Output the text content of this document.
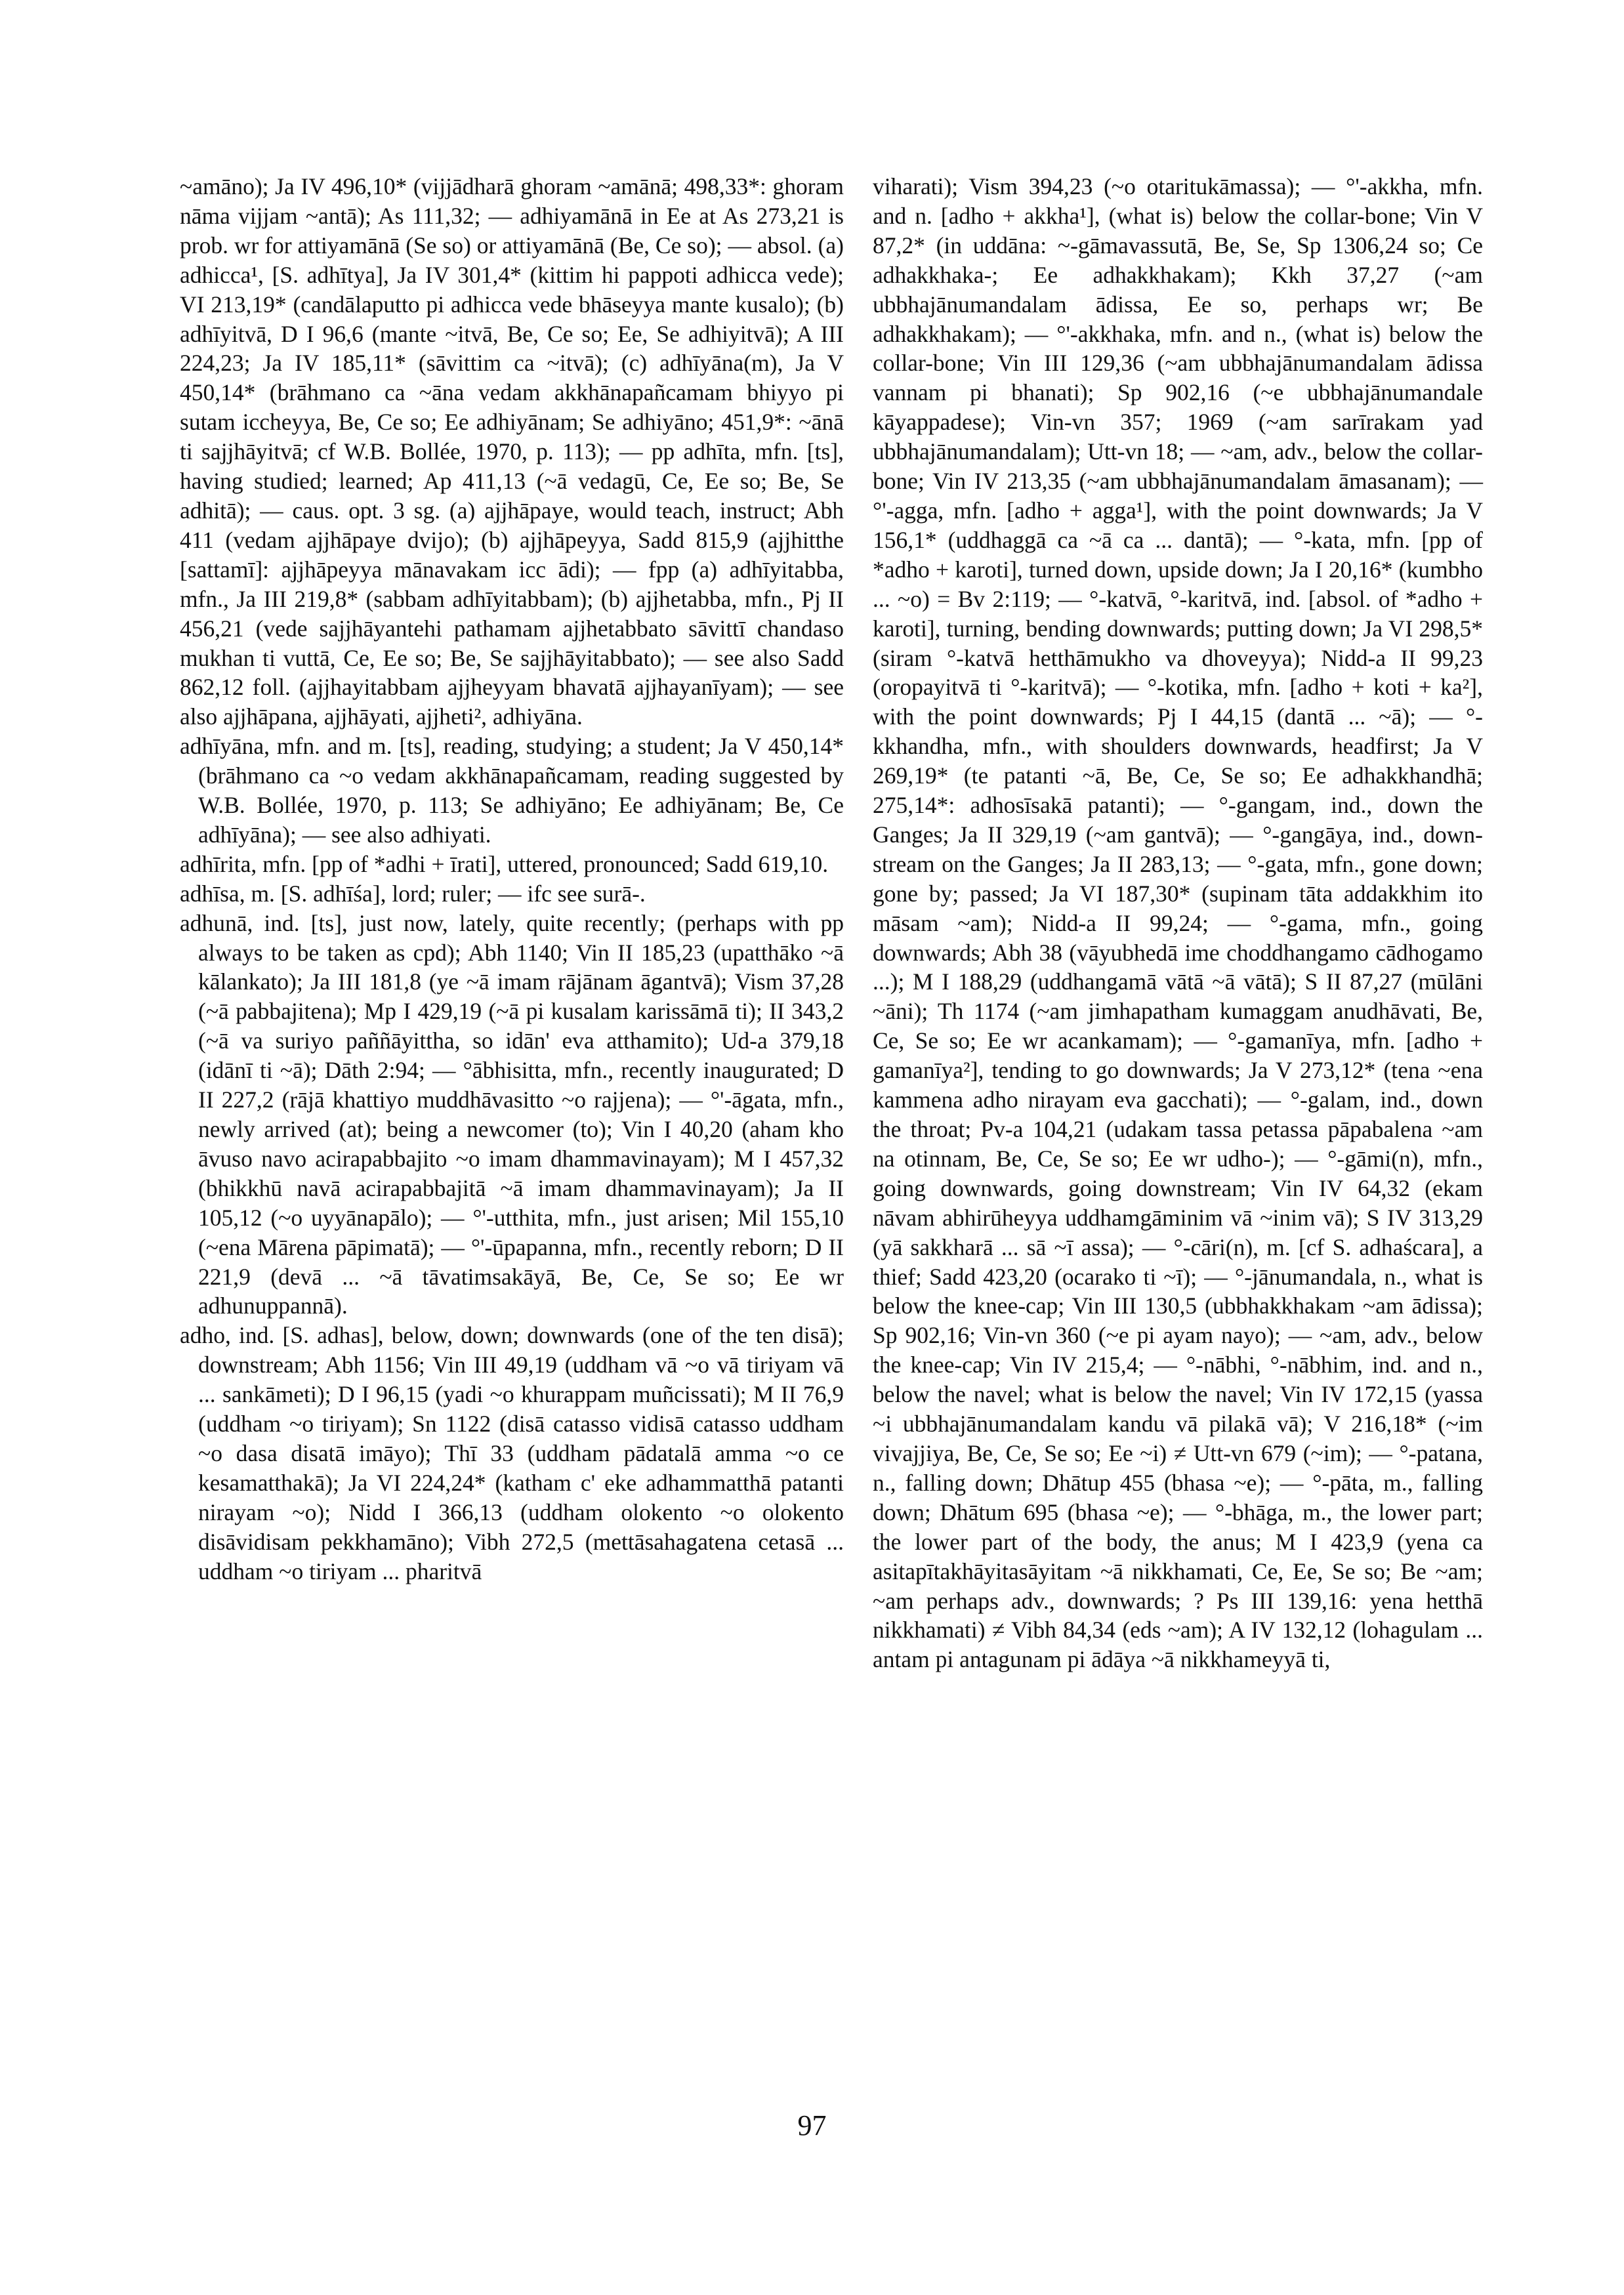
~amāno); Ja IV 496,10* (vijjādharā ghoram ~amānā; 498,33*: ghoram nāma vijjam ~antā); As 111,32; — adhiyamānā in Ee at As 273,21 is prob. wr for attiyamānā (Se so) or attiyamānā (Be, Ce so); — absol. (a) adhicca¹, [S. adhītya], Ja IV 301,4* (kittim hi pappoti adhicca vede); VI 213,19* (candālaputto pi adhicca vede bhāseyya mante kusalo); (b) adhīyitvā, D I 96,6 (mante ~itvā, Be, Ce so; Ee, Se adhiyitvā); A III 224,23; Ja IV 185,11* (sāvittim ca ~itvā); (c) adhīyāna(m), Ja V 450,14* (brāhmano ca ~āna vedam akkhānapañcamam bhiyyo pi sutam iccheyya, Be, Ce so; Ee adhiyānam; Se adhiyāno; 451,9*: ~ānā ti sajjhāyitvā; cf W.B. Bollée, 1970, p. 113); — pp adhīta, mfn. [ts], having studied; learned; Ap 411,13 (~ā vedagū, Ce, Ee so; Be, Se adhitā); — caus. opt. 3 sg. (a) ajjhāpaye, would teach, instruct; Abh 411 (vedam ajjhāpaye dvijo); (b) ajjhāpeyya, Sadd 815,9 (ajjhitthe [sattamī]: ajjhāpeyya mānavakam icc ādi); — fpp (a) adhīyitabba, mfn., Ja III 219,8* (sabbam adhīyitabbam); (b) ajjhetabba, mfn., Pj II 456,21 (vede sajjhāyantehi pathamam ajjhetabbato sāvittī chandaso mukhan ti vuttā, Ce, Ee so; Be, Se sajjhāyitabbato); — see also Sadd 862,12 foll. (ajjhayitabbam ajjheyyam bhavatā ajjhayanīyam); — see also ajjhāpana, ajjhāyati, ajjheti², adhiyāna.
adhīyāna, mfn. and m. [ts], reading, studying; a student; Ja V 450,14* (brāhmano ca ~o vedam akkhānapañcamam, reading suggested by W.B. Bollée, 1970, p. 113; Se adhiyāno; Ee adhiyānam; Be, Ce adhīyāna); — see also adhiyati.
adhīrita, mfn. [pp of *adhi + īrati], uttered, pronounced; Sadd 619,10.
adhīsa, m. [S. adhīśa], lord; ruler; — ifc see surā-.
adhunā, ind. [ts], just now, lately, quite recently; (perhaps with pp always to be taken as cpd); Abh 1140; Vin II 185,23 (upatthāko ~ā kālankato); Ja III 181,8 (ye ~ā imam rājānam āgantvā); Vism 37,28 (~ā pabbajitena); Mp I 429,19 (~ā pi kusalam karissāmā ti); II 343,2 (~ā va suriyo paññāyittha, so idān' eva atthamito); Ud-a 379,18 (idānī ti ~ā); Dāth 2:94; — °ābhisitta, mfn., recently inaugurated; D II 227,2 (rājā khattiyo muddhāvasitto ~o rajjena); — °'-āgata, mfn., newly arrived (at); being a newcomer (to); Vin I 40,20 (aham kho āvuso navo acirapabbajito ~o imam dhammavinayam); M I 457,32 (bhikkhū navā acirapabbajitā ~ā imam dhammavinayam); Ja II 105,12 (~o uyyānapālo); — °'-utthita, mfn., just arisen; Mil 155,10 (~ena Mārena pāpimatā); — °'-ūpapanna, mfn., recently reborn; D II 221,9 (devā ... ~ā tāvatimsakāyā, Be, Ce, Se so; Ee wr adhunuppannā).
adho, ind. [S. adhas], below, down; downwards (one of the ten disā); downstream; Abh 1156; Vin III 49,19 (uddham vā ~o vā tiriyam vā ... sankāmeti); D I 96,15 (yadi ~o khurappam muñcissati); M II 76,9 (uddham ~o tiriyam); Sn 1122 (disā catasso vidisā catasso uddham ~o dasa disatā imāyo); Thī 33 (uddham pādatalā amma ~o ce kesamatthakā); Ja VI 224,24* (katham c' eke adhammatthā patanti nirayam ~o); Nidd I 366,13 (uddham olokento ~o olokento disāvidisam pekkhamāno); Vibh 272,5 (mettāsahagatena cetasā ... uddham ~o tiriyam ... pharitvā
viharati); Vism 394,23 (~o otaritukāmassa); — °'-akkha, mfn. and n. [adho + akkha¹], (what is) below the collar-bone; Vin V 87,2* (in uddāna: ~-gāmavassutā, Be, Se, Sp 1306,24 so; Ce adhakkhaka-; Ee adhakkhakam); Kkh 37,27 (~am ubbhajānumandalam ādissa, Ee so, perhaps wr; Be adhakkhakam); — °'-akkhaka, mfn. and n., (what is) below the collar-bone; Vin III 129,36 (~am ubbhajānumandalam ādissa vannam pi bhanati); Sp 902,16 (~e ubbhajānumandale kāyappadese); Vin-vn 357; 1969 (~am sarīrakam yad ubbhajānumandalam); Utt-vn 18; — ~am, adv., below the collar-bone; Vin IV 213,35 (~am ubbhajānumandalam āmasanam); — °'-agga, mfn. [adho + agga¹], with the point downwards; Ja V 156,1* (uddhaggā ca ~ā ca ... dantā); — °-kata, mfn. [pp of *adho + karoti], turned down, upside down; Ja I 20,16* (kumbho ... ~o) = Bv 2:119; — °-katvā, °-karitvā, ind. [absol. of *adho + karoti], turning, bending downwards; putting down; Ja VI 298,5* (siram °-katvā hetthāmukho va dhoveyya); Nidd-a II 99,23 (oropayitvā ti °-karitvā); — °-kotika, mfn. [adho + koti + ka²], with the point downwards; Pj I 44,15 (dantā ... ~ā); — °-kkhandha, mfn., with shoulders downwards, headfirst; Ja V 269,19* (te patanti ~ā, Be, Ce, Se so; Ee adhakkhandhā; 275,14*: adhosīsakā patanti); — °-gangam, ind., down the Ganges; Ja II 329,19 (~am gantvā); — °-gangāya, ind., down-stream on the Ganges; Ja II 283,13; — °-gata, mfn., gone down; gone by; passed; Ja VI 187,30* (supinam tāta addakkhim ito māsam ~am); Nidd-a II 99,24; — °-gama, mfn., going downwards; Abh 38 (vāyubhedā ime choddhangamo cādhogamo ...); M I 188,29 (uddhangamā vātā ~ā vātā); S II 87,27 (mūlāni ~āni); Th 1174 (~am jimhapatham kumaggam anudhāvati, Be, Ce, Se so; Ee wr acankamam); — °-gamanīya, mfn. [adho + gamanīya²], tending to go downwards; Ja V 273,12* (tena ~ena kammena adho nirayam eva gacchati); — °-galam, ind., down the throat; Pv-a 104,21 (udakam tassa petassa pāpabalena ~am na otinnam, Be, Ce, Se so; Ee wr udho-); — °-gāmi(n), mfn., going downwards, going downstream; Vin IV 64,32 (ekam nāvam abhirūheyya uddhamgāminim vā ~inim vā); S IV 313,29 (yā sakkharā ... sā ~ī assa); — °-cāri(n), m. [cf S. adhaścara], a thief; Sadd 423,20 (ocarako ti ~ī); — °-jānumandala, n., what is below the knee-cap; Vin III 130,5 (ubbhakkhakam ~am ādissa); Sp 902,16; Vin-vn 360 (~e pi ayam nayo); — ~am, adv., below the knee-cap; Vin IV 215,4; — °-nābhi, °-nābhim, ind. and n., below the navel; what is below the navel; Vin IV 172,15 (yassa ~i ubbhajānumandalam kandu vā pilakā vā); V 216,18* (~im vivajjiya, Be, Ce, Se so; Ee ~i) ≠ Utt-vn 679 (~im); — °-patana, n., falling down; Dhātup 455 (bhasa ~e); — °-pāta, m., falling down; Dhātum 695 (bhasa ~e); — °-bhāga, m., the lower part; the lower part of the body, the anus; M I 423,9 (yena ca asitapītakhāyitasāyitam ~ā nikkhamati, Ce, Ee, Se so; Be ~am; ~am perhaps adv., downwards; ? Ps III 139,16: yena hetthā nikkhamati) ≠ Vibh 84,34 (eds ~am); A IV 132,12 (lohagulam ... antam pi antagunam pi ādāya ~ā nikkhameyyā ti,
97
